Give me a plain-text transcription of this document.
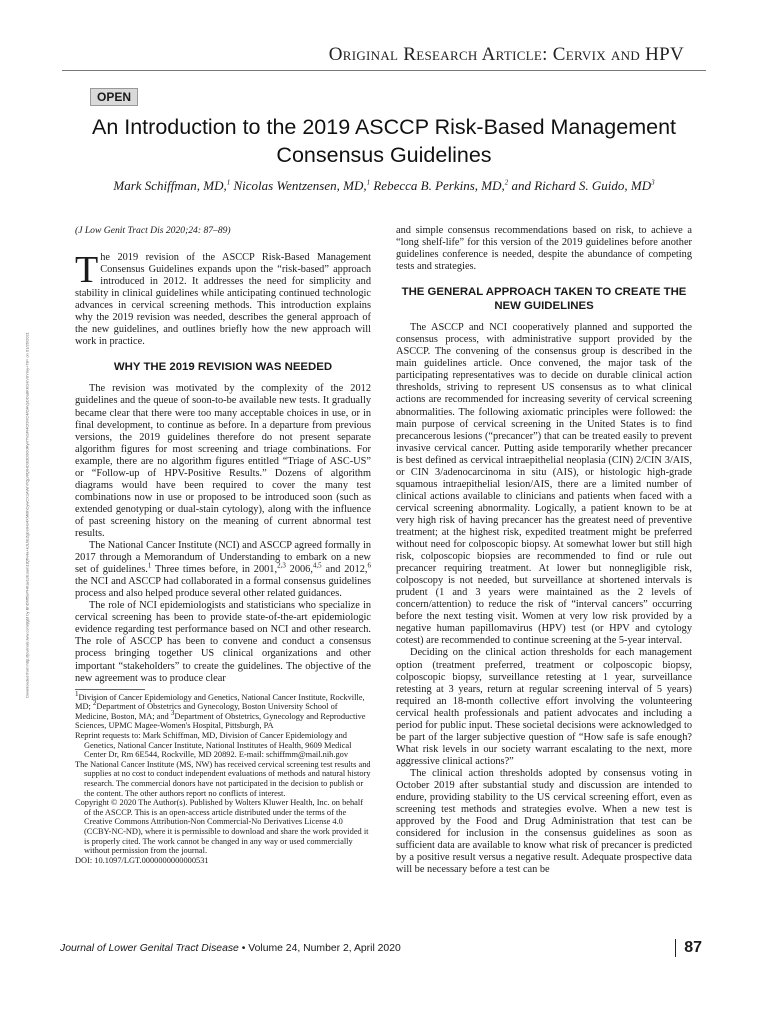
Original Research Article: Cervix and HPV
OPEN
An Introduction to the 2019 ASCCP Risk-Based Management
Consensus Guidelines
Mark Schiffman, MD,$^1$ Nicolas Wentzensen, MD,$^1$ Rebecca B. Perkins, MD,$^2$ and Richard S. Guido, $MD^3$
Downloaded from http://journals.lww.com/jlgtd by BhDMf5ePHKav1zEoum1tQfN4a+kJLhEZgbsIHo4XMi0hCywCX1AWnYQp/IlQrHD3i3D0OdRyi7TvSFl4Cf3VC4/OAVpDDa8KKGKV0Ymy+78= on 01/26/2021

(J Low Genit Tract Dis 2020;24: 87–89)

The 2019 revision of the ASCCP Risk-Based Management Consensus Guidelines expands upon the “risk-based” approach introduced in 2012. It addresses the need for simplicity and stability in clinical guidelines while anticipating continued technologic advances in cervical screening methods. This introduction explains why the 2019 revision was needed, describes the general approach of the new guidelines, and outlines briefly how the new approach will work in practice.

WHY THE 2019 REVISION WAS NEEDED

The revision was motivated by the complexity of the 2012 guidelines and the queue of soon-to-be available new tests. It gradually became clear that there were too many acceptable choices in use, or in final development, to continue as before. In a departure from previous versions, the 2019 guidelines therefore do not present separate algorithm figures for most screening and triage combinations. For example, there are no algorithm figures entitled “Triage of ASC-US” or “Follow-up of HPV-Positive Results.” Dozens of algorithm diagrams would have been required to cover the many test combinations now in use or proposed to be introduced soon (such as extended genotyping or dual-stain cytology), along with the influence of past screening history on the meaning of current abnormal test results.

The National Cancer Institute (NCI) and ASCCP agreed formally in 2017 through a Memorandum of Understanding to embark on a new set of guidelines.$^1$ Three times before, in 2001,$^{2,3}$ 2006,$^{4,5}$ and 2012,$^6$ the NCI and ASCCP had collaborated in a formal consensus guidelines process and also helped produce several other related guidances.

The role of NCI epidemiologists and statisticians who specialize in cervical screening has been to provide state-of-the-art epidemiologic evidence regarding test performance based on NCI and other research. The role of ASCCP has been to convene and conduct a consensus process bringing together US clinical organizations and other important “stakeholders” to create the guidelines. The objective of the new agreement was to produce clear

$^1$Division of Cancer Epidemiology and Genetics, National Cancer Institute, Rockville, MD; $^2$Department of Obstetrics and Gynecology, Boston University School of Medicine, Boston, MA; and $^3$Department of Obstetrics, Gynecology and Reproductive Sciences, UPMC Magee-Women's Hospital, Pittsburgh, PA

Reprint requests to: Mark Schiffman, MD, Division of Cancer Epidemiology and Genetics, National Cancer Institute, National Institutes of Health, 9609 Medical Center Dr, Rm 6E544, Rockville, MD 20892. E-mail: schiffmm@mail.nih.gov

The National Cancer Institute (MS, NW) has received cervical screening test results and supplies at no cost to conduct independent evaluations of methods and natural history research. The commercial donors have not participated in the decision to publish or the content. The other authors report no conflicts of interest.

Copyright © 2020 The Author(s). Published by Wolters Kluwer Health, Inc. on behalf of the ASCCP. This is an open-access article distributed under the terms of the Creative Commons Attribution-Non Commercial-No Derivatives License 4.0 (CCBY-NC-ND), where it is permissible to download and share the work provided it is properly cited. The work cannot be changed in any way or used commercially without permission from the journal.

DOI: 10.1097/LGT.0000000000000531

and simple consensus recommendations based on risk, to achieve a “long shelf-life” for this version of the 2019 guidelines before another guidelines conference is needed, despite the abundance of competing tests and strategies.

THE GENERAL APPROACH TAKEN TO CREATE THE NEW GUIDELINES

The ASCCP and NCI cooperatively planned and supported the consensus process, with administrative support provided by the ASCCP. The convening of the consensus group is described in the main guidelines article. Once convened, the major task of the participating representatives was to decide on durable clinical action thresholds, striving to represent US consensus as to what clinical actions are recommended for increasing severity of cervical screening abnormalities. The following axiomatic principles were followed: the main purpose of cervical screening in the United States is to find precancerous lesions (“precancer”) that can be treated easily to prevent invasive cervical cancer. Putting aside temporarily whether precancer is best defined as cervical intraepithelial neoplasia (CIN) 2/CIN 3/AIS, or CIN 3/adenocarcinoma in situ (AIS), or histologic high-grade squamous intraepithelial lesion/AIS, there are a limited number of clinical actions available to clinicians and patients when faced with a cervical screening abnormality. Logically, a patient known to be at very high risk of having precancer has the greatest need of preventive treatment; at the highest risk, expedited treatment might be preferred without need for colposcopic biopsy. At somewhat lower but still high risk, colposcopic biopsies are recommended to find or rule out precancer requiring treatment. At lower but nonnegligible risk, colposcopy is not needed, but surveillance at shortened intervals is prudent (1 and 3 years were maintained as the 2 levels of concern/attention) to reduce the risk of “interval cancers” occurring before the next testing visit. Women at very low risk provided by a negative human papillomavirus (HPV) test (or HPV and cytology cotest) are recommended to continue screening at the 5-year interval.

Deciding on the clinical action thresholds for each management option (treatment preferred, treatment or colposcopic biopsy, colposcopic biopsy, surveillance retesting at 1 year, surveillance retesting at 3 years, return at regular screening interval of 5 years) required an 18-month collective effort involving the volunteering cervical health professionals and patient advocates and including a period for public input. These societal decisions were acknowledged to be part of the larger subjective question of “How safe is safe enough? What risk levels in our society warrant escalating to the next, more aggressive clinical actions?”

The clinical action thresholds adopted by consensus voting in October 2019 after substantial study and discussion are intended to endure, providing stability to the US cervical screening effort, even as screening test methods and strategies evolve. When a new test is approved by the Food and Drug Administration that test can be considered for inclusion in the consensus guidelines as soon as sufficient data are available to know what risk of precancer is predicted by a positive result versus a negative result. Adequate prospective data will be necessary before a test can be

Journal of Lower Genital Tract Disease • Volume 24, Number 2, April 2020	87
